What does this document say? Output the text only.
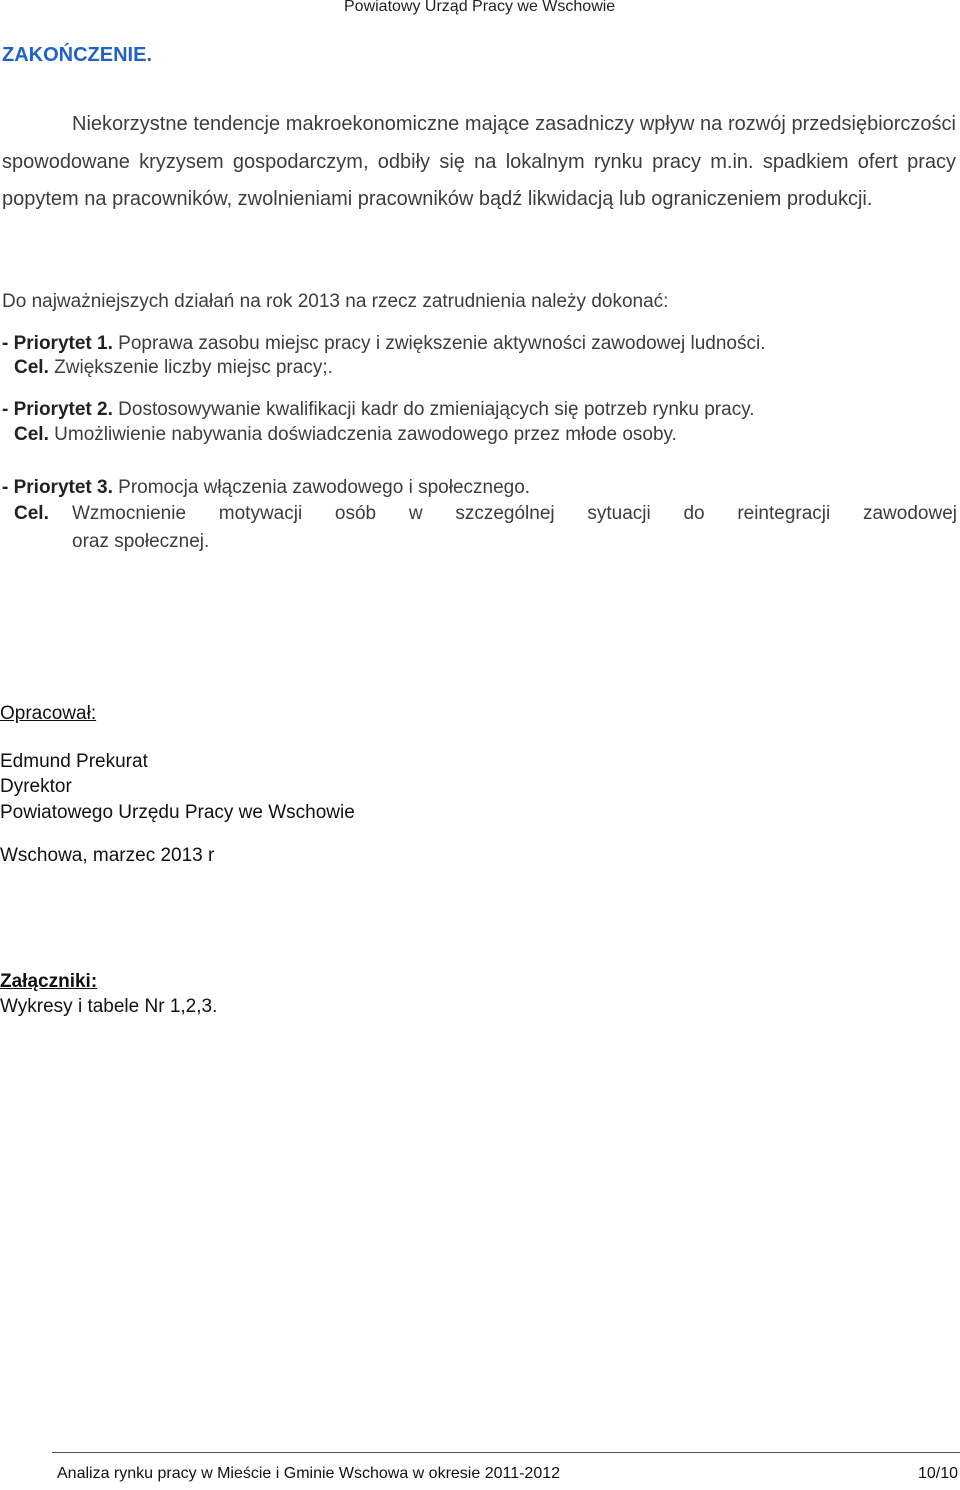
Powiatowy Urząd Pracy we Wschowie
ZAKOŃCZENIE.

Niekorzystne tendencje makroekonomiczne mające zasadniczy wpływ na rozwój przedsiębiorczości spowodowane kryzysem gospodarczym, odbiły się na lokalnym rynku pracy m.in. spadkiem ofert pracy popytem na pracowników, zwolnieniami pracowników bądź likwidacją lub ograniczeniem produkcji.

Do najważniejszych działań na rok 2013 na rzecz zatrudnienia należy dokonać:
- Priorytet 1. Poprawa zasobu miejsc pracy i zwiększenie aktywności zawodowej ludności.
Cel. Zwiększenie liczby miejsc pracy;.
- Priorytet 2. Dostosowywanie kwalifikacji kadr do zmieniających się potrzeb rynku pracy.
Cel. Umożliwienie nabywania doświadczenia zawodowego przez młode osoby.
- Priorytet 3. Promocja włączenia zawodowego i społecznego.
Cel.	Wzmocnienie motywacji osób w szczególnej sytuacji do reintegracji zawodowej
oraz społecznej.
Opracował:
Edmund Prekurat
Dyrektor
Powiatowego Urzędu Pracy we Wschowie
Wschowa, marzec 2013 r
Załączniki:
Wykresy i tabele Nr 1,2,3.
Analiza rynku pracy w Mieście i Gminie Wschowa w okresie 2011-2012	10/10
